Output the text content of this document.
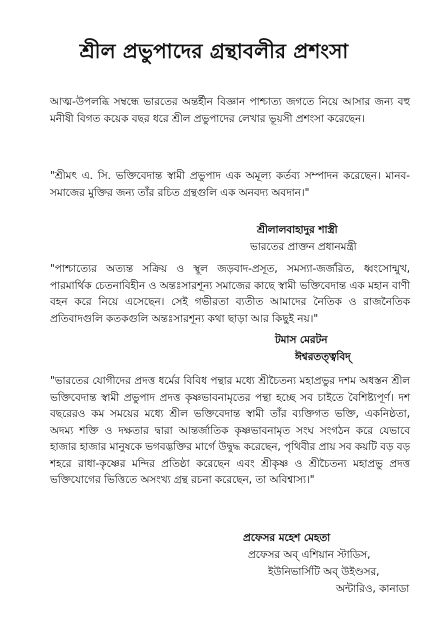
শ্রীল প্রভুপাদের গ্রন্থাবলীর প্রশংসা
আত্ম-উপলব্ধি সম্বন্ধে ভারতের অন্তর্হীন বিজ্ঞান পাশ্চাত্য জগতে নিয়ে আসার জন্য বহু মনীষী বিগত কয়েক বছর ধরে শ্রীল প্রভুপাদের লেখার ভূয়সী প্রশংসা করেছেন।
"শ্রীমৎ এ. সি. ভক্তিবেদান্ত স্বামী প্রভুপাদ এক অমূল্য কর্তব্য সম্পাদন করেছেন। মানব-সমাজের মুক্তির জন্য তাঁর রচিত গ্রন্থগুলি এক অনবদ্য অবদান।"
শ্রীলালবাহাদুর শাস্ত্রী
ভারতের প্রাক্তন প্রধানমন্ত্রী
"পাশ্চাত্যের অত্যন্ত সক্রিয় ও স্থূল জড়বাদ-প্রসূত, সমস্যা-জর্জরিত, ধ্বংসোন্মুখ, পারমার্থিক চেতনাবিহীন ও অন্তঃসারশূন্য সমাজের কাছে স্বামী ভক্তিবেদান্ত এক মহান বাণী বহন করে নিয়ে এসেছেন। সেই গভীরতা ব্যতীত আমাদের নৈতিক ও রাজনৈতিক প্রতিবাদগুলি কতকগুলি অন্তঃসারশূন্য কথা ছাড়া আর কিছুই নয়।"
টমাস মেরটন
ঈশ্বরতত্ত্ববিদ্
"ভারতের যোগীদের প্রদত্ত ধর্মের বিবিধ পন্থার মধ্যে শ্রীচৈতন্য মহাপ্রভুর দশম অধস্তন শ্রীল ভক্তিবেদান্ত স্বামী প্রভুপাদ প্রদত্ত কৃষ্ণভাবনামৃতের পন্থা হচ্ছে সব চাইতে বৈশিষ্ট্যপূর্ণ। দশ বছরেরও কম সময়ের মধ্যে শ্রীল ভক্তিবেদান্ত স্বামী তাঁর ব্যক্তিগত ভক্তি, একনিষ্ঠতা, অদম্য শক্তি ও দক্ষতার দ্বারা আন্তর্জাতিক কৃষ্ণভাবনামৃত সংঘ সংগঠন করে যেভাবে হাজার হাজার মানুষকে ভগবদ্ভক্তির মার্গে উদ্বুদ্ধ করেছেন, পৃথিবীর প্রায় সব কয়টি বড় বড় শহরে রাধা-কৃষ্ণের মন্দির প্রতিষ্ঠা করেছেন এবং শ্রীকৃষ্ণ ও শ্রীচৈতন্য মহাপ্রভু প্রদত্ত ভক্তিযোগের ভিত্তিতে অসংখ্য গ্রন্থ রচনা করেছেন, তা অবিশ্বাস্য।"
প্রফেসর মহেশ মেহতা
প্রফেসর অব্‌ এশিয়ান স্টাডিস,
ইউনিভার্সিটি অব্‌ উইণ্ডসর,
অন্টারিও, কানাডা
